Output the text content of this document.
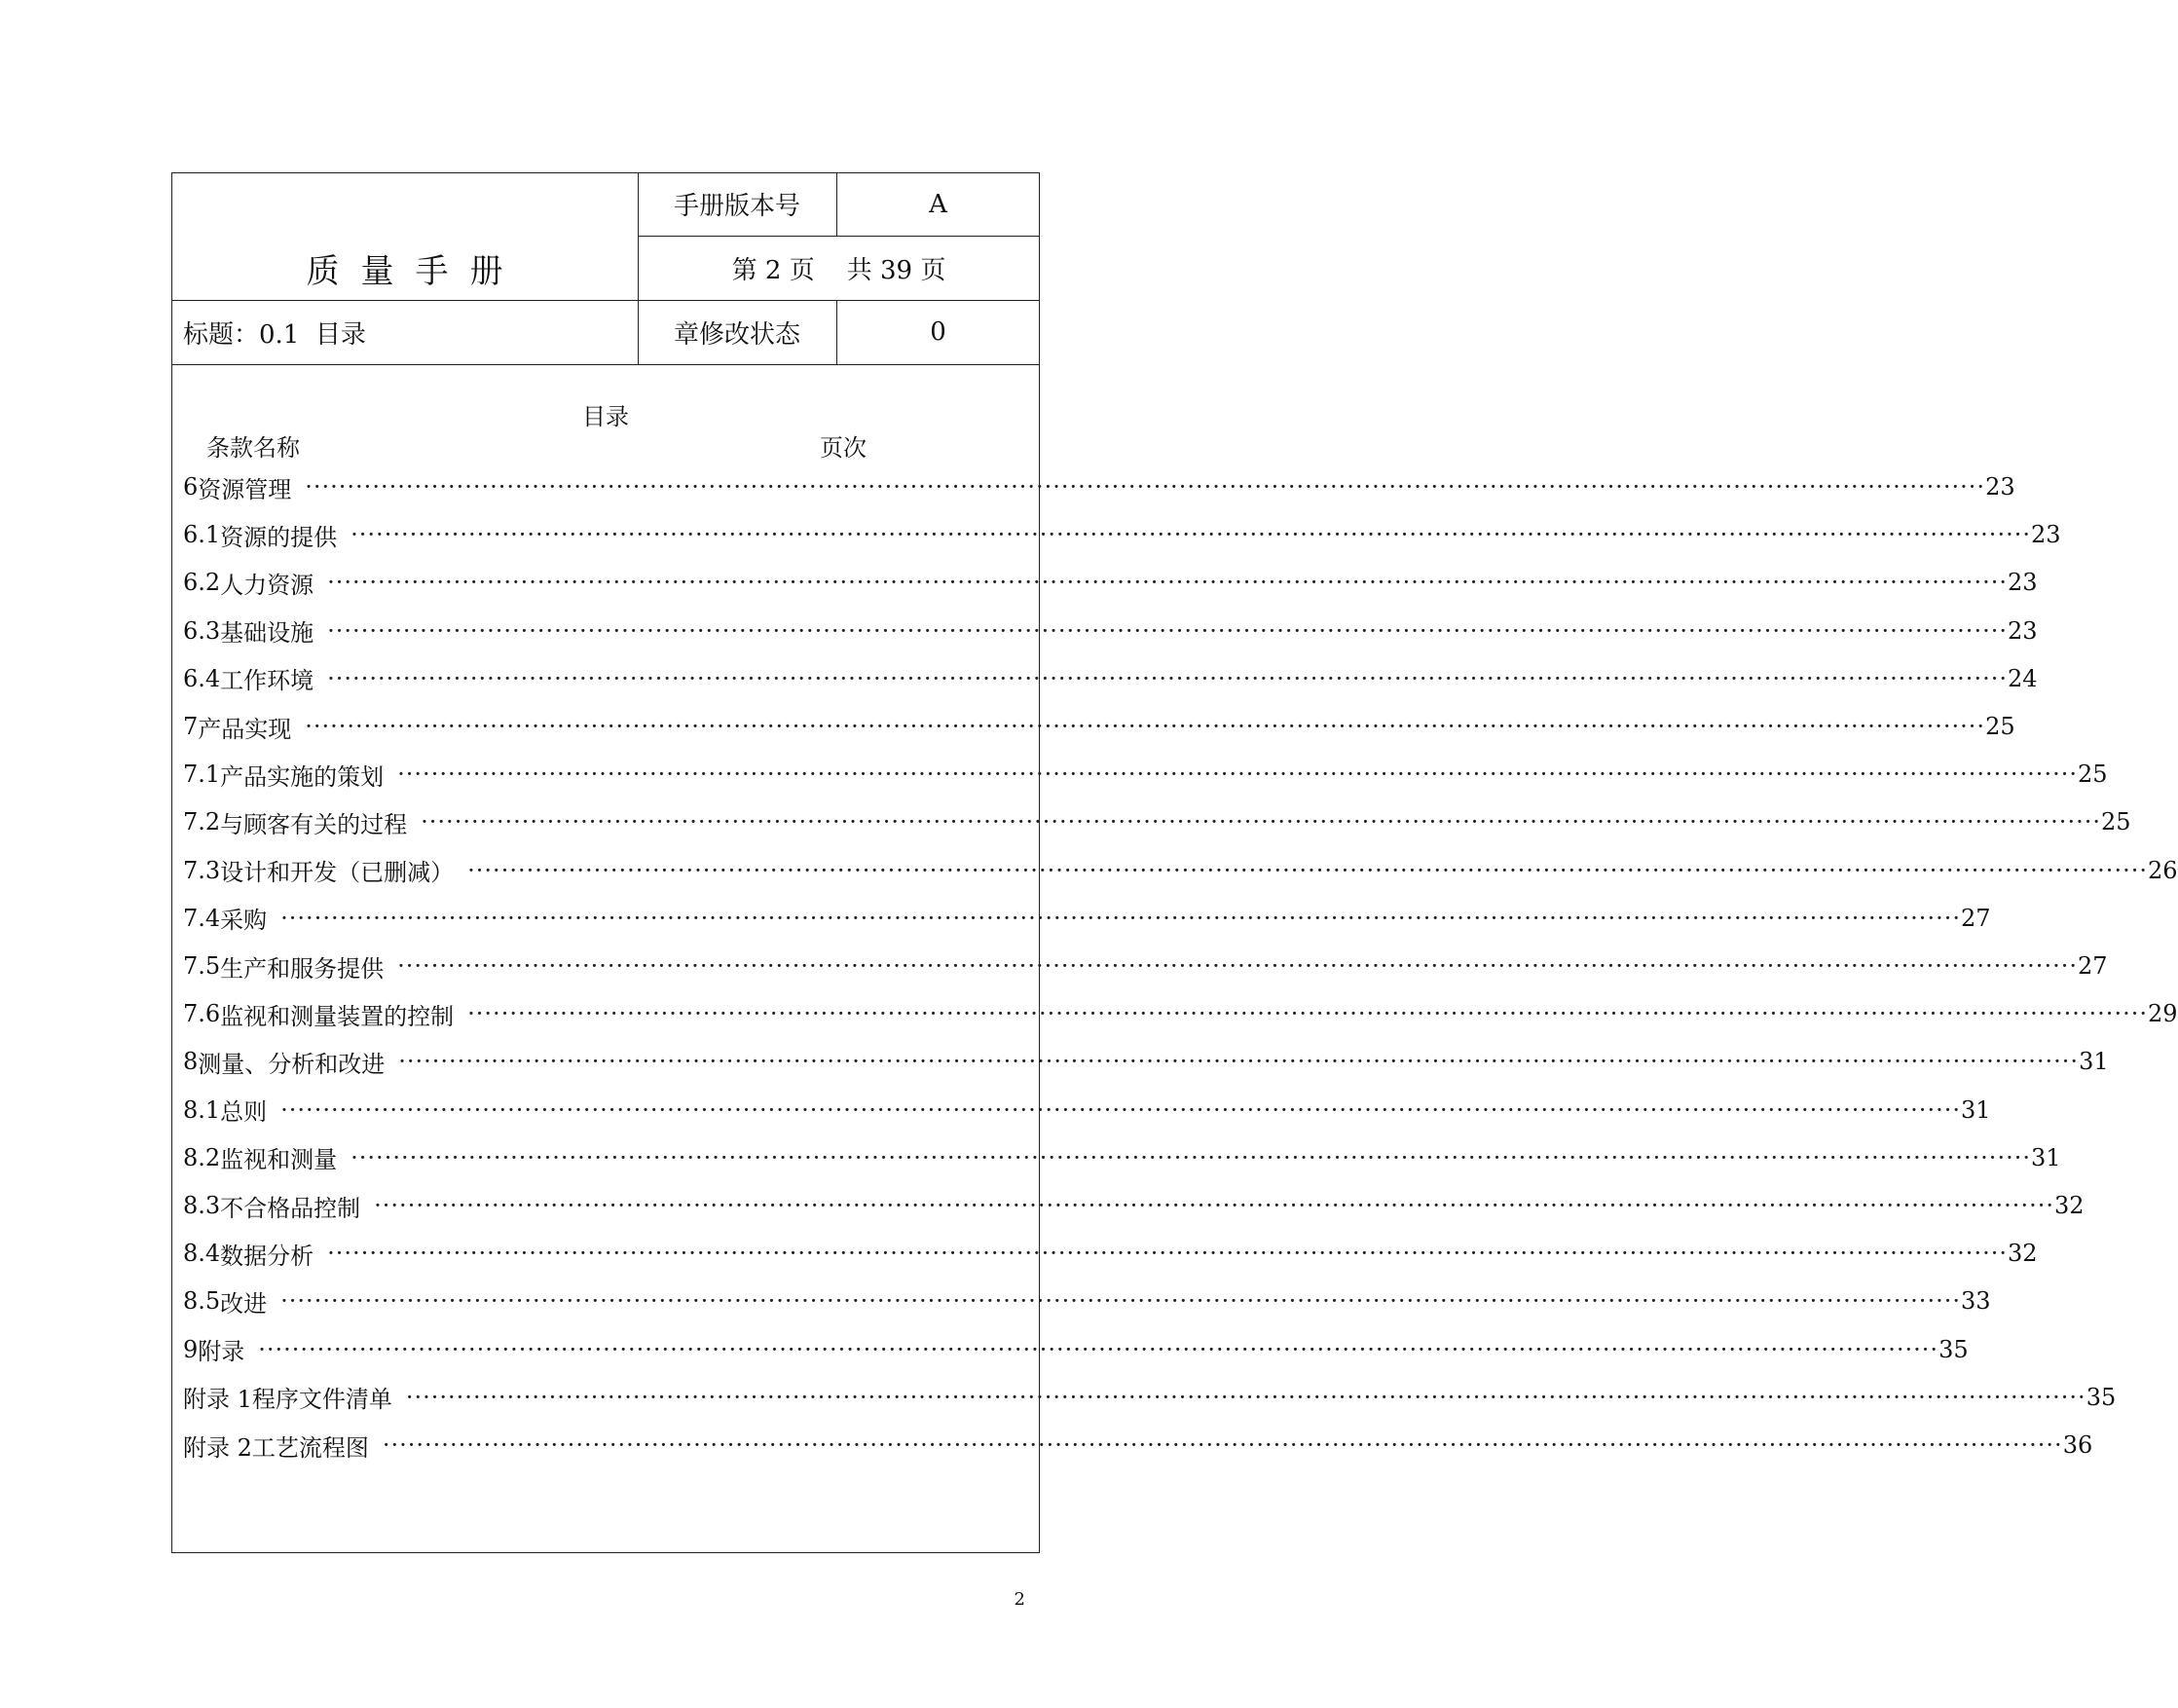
质量手册
手册版本号	A
第 2 页    共 39 页
标题：0.1  目录	章修改状态	0
目录
条款名称	页次
6 资源管理 ········································································································································································································ 23
6.1 资源的提供 ········································································································································································································ 23
6.2 人力资源 ········································································································································································································ 23
6.3 基础设施 ········································································································································································································ 23
6.4 工作环境 ········································································································································································································ 24
7 产品实现 ········································································································································································································ 25
7.1 产品实施的策划 ········································································································································································································ 25
7.2 与顾客有关的过程 ········································································································································································································ 25
7.3 设计和开发（已删减） ········································································································································································································ 26
7.4 采购 ········································································································································································································ 27
7.5 生产和服务提供 ········································································································································································································ 27
7.6 监视和测量装置的控制 ········································································································································································································ 29
8 测量、分析和改进 ········································································································································································································ 31
8.1 总则 ········································································································································································································ 31
8.2 监视和测量 ········································································································································································································ 31
8.3 不合格品控制 ········································································································································································································ 32
8.4 数据分析 ········································································································································································································ 32
8.5 改进 ········································································································································································································ 33
9 附录 ········································································································································································································ 35
附录 1 程序文件清单 ········································································································································································································ 35
附录 2 工艺流程图 ········································································································································································································ 36
2
